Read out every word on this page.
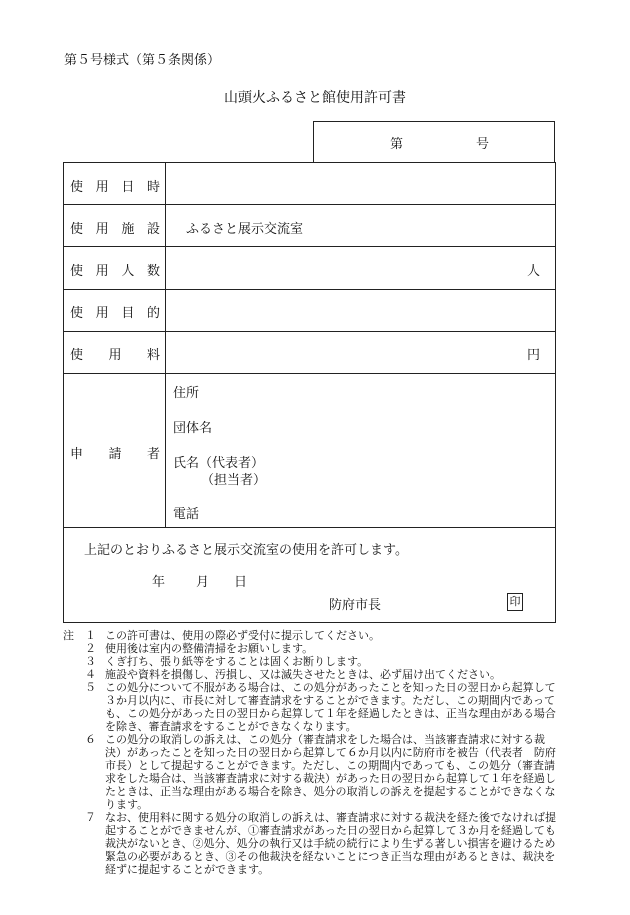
第５号様式（第５条関係）
山頭火ふるさと館使用許可書
第	号
使 用 日 時
使 用 施 設 ふるさと展示交流室
使 用 人 数	人
使 用 目 的
使 用 料	円
申 請 者
住所
団体名
氏名（代表者）
（担当者）
電話
上記のとおりふるさと展示交流室の使用を許可します。
年 月 日
防府市長	印
注	１ この許可書は、使用の際必ず受付に提示してください。
２ 使用後は室内の整備清掃をお願いします。
３ くぎ打ち、張り紙等をすることは固くお断りします。
４ 施設や資料を損傷し、汚損し、又は滅失させたときは、必ず届け出てください。
５ この処分について不服がある場合は、この処分があったことを知った日の翌日から起算して３か月以内に、市長に対して審査請求をすることができます。ただし、この期間内であっても、この処分があった日の翌日から起算して１年を経過したときは、正当な理由がある場合を除き、審査請求をすることができなくなります。
６ この処分の取消しの訴えは、この処分（審査請求をした場合は、当該審査請求に対する裁決）があったことを知った日の翌日から起算して６か月以内に防府市を被告（代表者　防府市長）として提起することができます。ただし、この期間内であっても、この処分（審査請求をした場合は、当該審査請求に対する裁決）があった日の翌日から起算して１年を経過したときは、正当な理由がある場合を除き、処分の取消しの訴えを提起することができなくなります。
７ なお、使用料に関する処分の取消しの訴えは、審査請求に対する裁決を経た後でなければ提起することができませんが、①審査請求があった日の翌日から起算して３か月を経過しても裁決がないとき、②処分、処分の執行又は手続の続行により生ずる著しい損害を避けるため緊急の必要があるとき、③その他裁決を経ないことにつき正当な理由があるときは、裁決を経ずに提起することができます。
